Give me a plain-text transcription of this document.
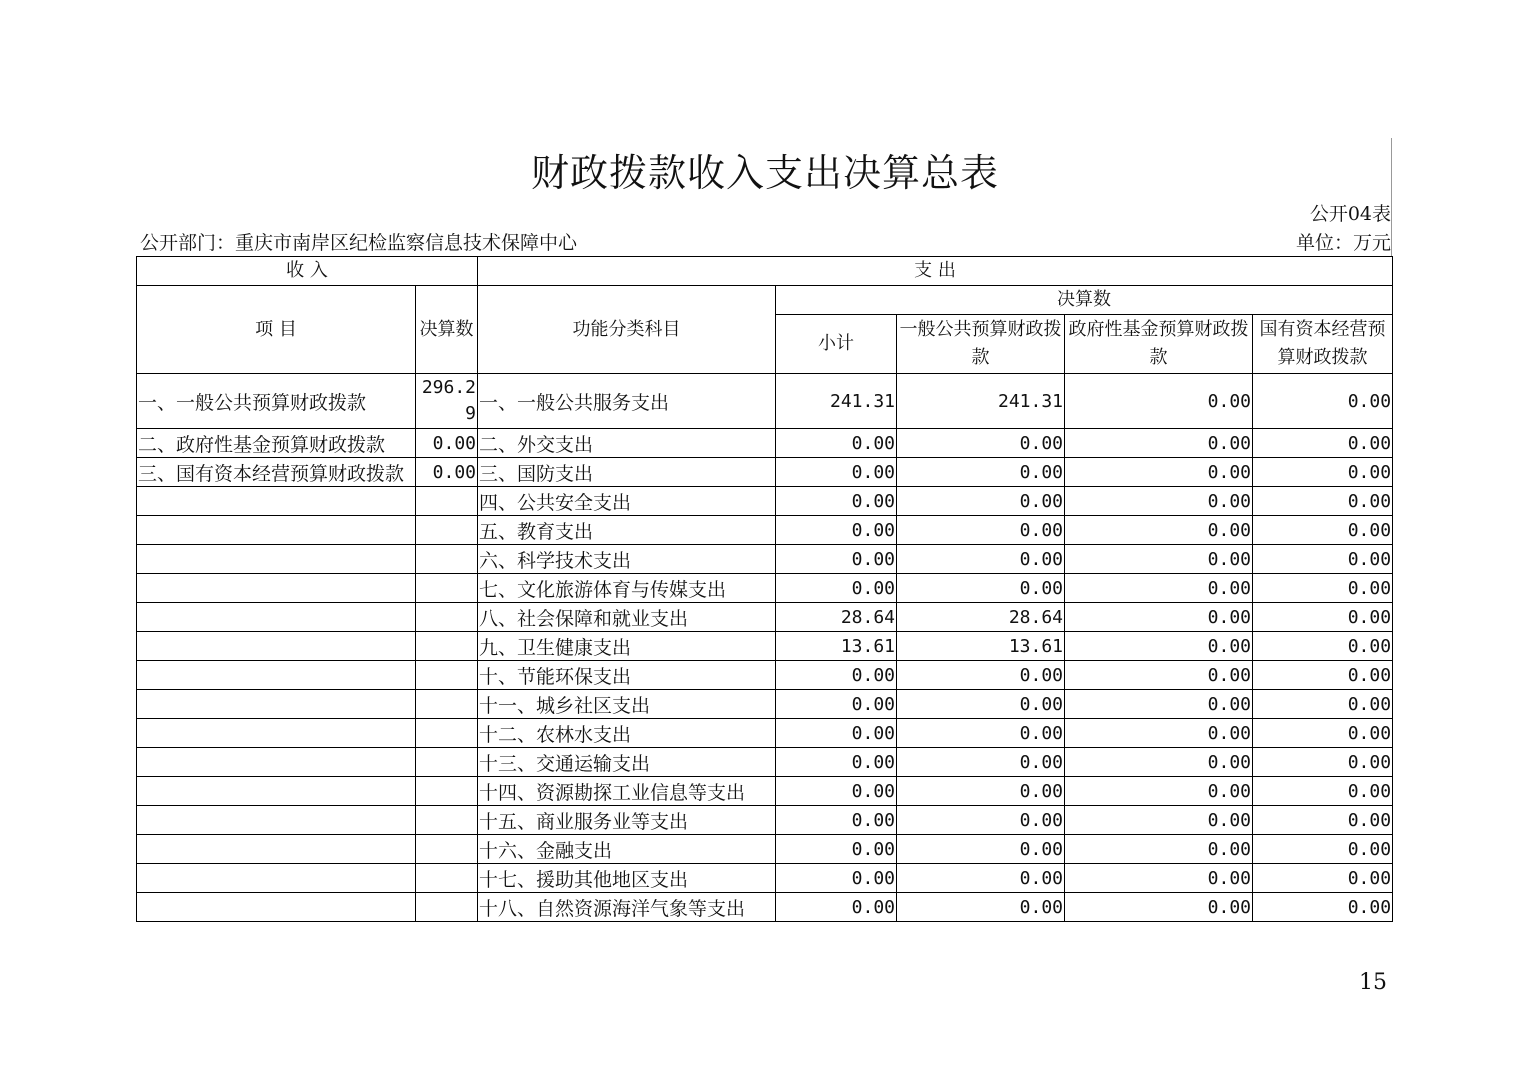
财政拨款收入支出决算总表
公开04表
公开部门：重庆市南岸区纪检监察信息技术保障中心	单位：万元
收 入		支 出				
项 目	决算数	功能分类科目	决算数			
			小计	一般公共预算财政拨款	政府性基金预算财政拨款	国有资本经营预算财政拨款
一、一般公共预算财政拨款	296.29	一、一般公共服务支出	241.31	241.31	0.00	0.00
二、政府性基金预算财政拨款	0.00	二、外交支出	0.00	0.00	0.00	0.00
三、国有资本经营预算财政拨款	0.00	三、国防支出	0.00	0.00	0.00	0.00
		四、公共安全支出	0.00	0.00	0.00	0.00
		五、教育支出	0.00	0.00	0.00	0.00
		六、科学技术支出	0.00	0.00	0.00	0.00
		七、文化旅游体育与传媒支出	0.00	0.00	0.00	0.00
		八、社会保障和就业支出	28.64	28.64	0.00	0.00
		九、卫生健康支出	13.61	13.61	0.00	0.00
		十、节能环保支出	0.00	0.00	0.00	0.00
		十一、城乡社区支出	0.00	0.00	0.00	0.00
		十二、农林水支出	0.00	0.00	0.00	0.00
		十三、交通运输支出	0.00	0.00	0.00	0.00
		十四、资源勘探工业信息等支出	0.00	0.00	0.00	0.00
		十五、商业服务业等支出	0.00	0.00	0.00	0.00
		十六、金融支出	0.00	0.00	0.00	0.00
		十七、援助其他地区支出	0.00	0.00	0.00	0.00
		十八、自然资源海洋气象等支出	0.00	0.00	0.00	0.00
15
